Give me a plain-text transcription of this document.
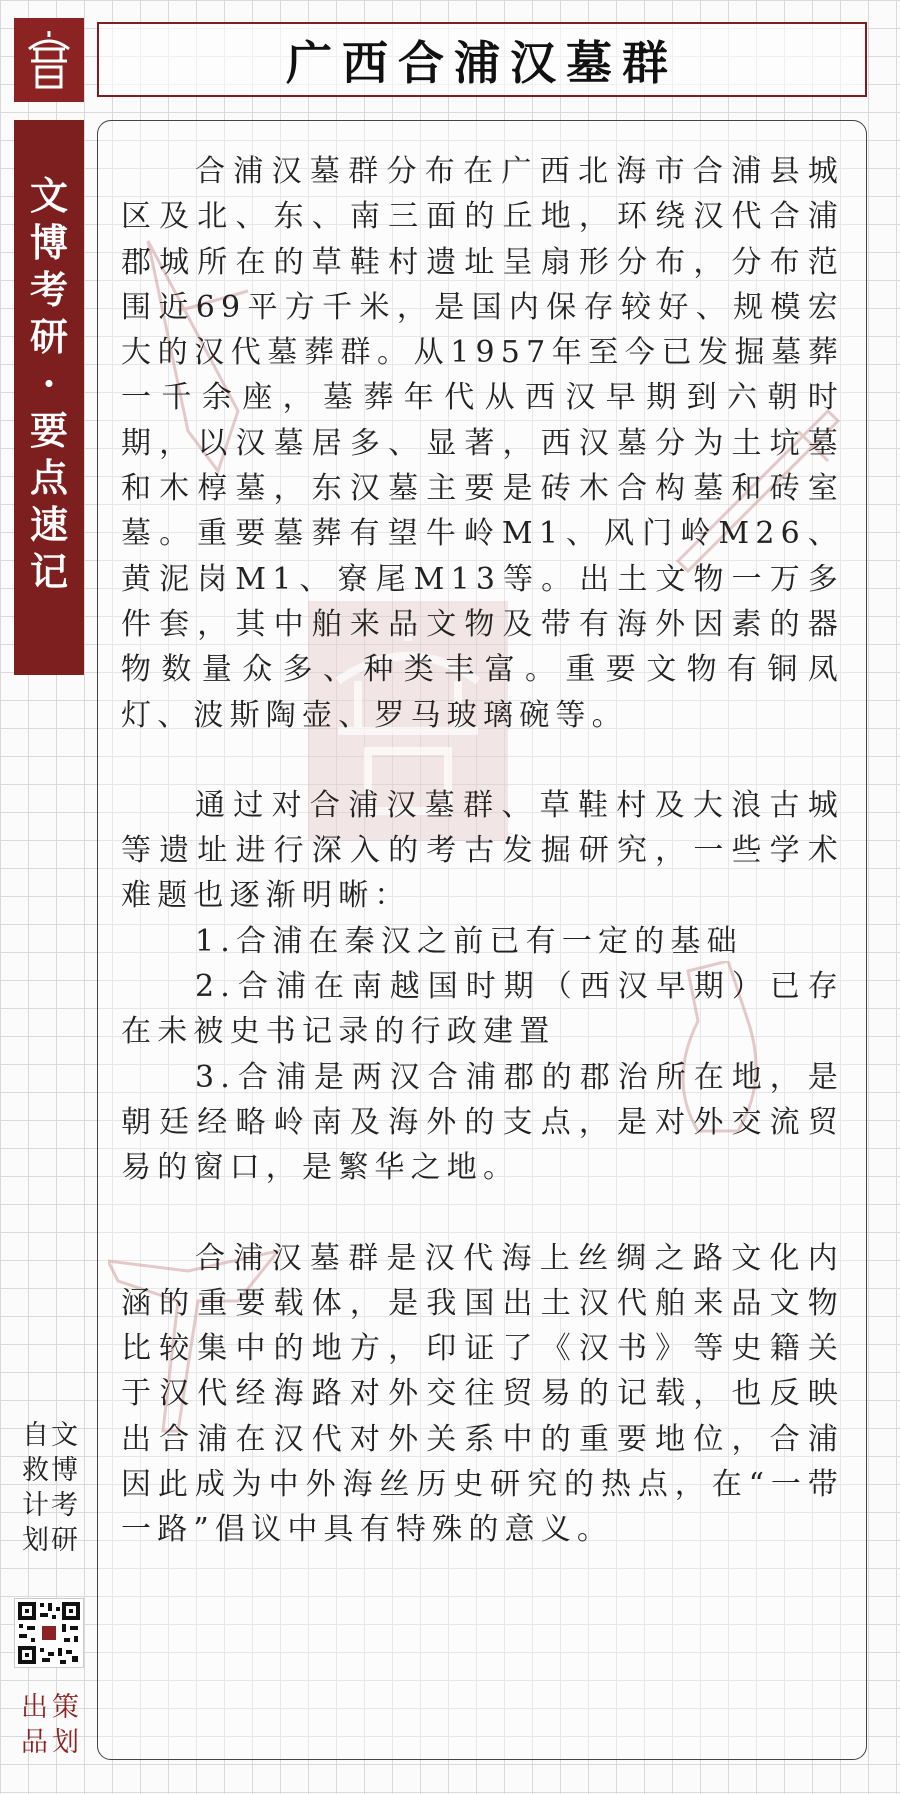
文
博
考
研
·
要
点
速
记
广西合浦汉墓群

合浦汉墓群分布在广西北海市合浦县城区及北、东、南三面的丘地，环绕汉代合浦郡城所在的草鞋村遗址呈扇形分布，分布范围近69平方千米，是国内保存较好、规模宏大的汉代墓葬群。从1957年至今已发掘墓葬一千余座，墓葬年代从西汉早期到六朝时期，以汉墓居多、显著，西汉墓分为土坑墓和木椁墓，东汉墓主要是砖木合构墓和砖室墓。重要墓葬有望牛岭M1、风门岭M26、黄泥岗M1、寮尾M13等。出土文物一万多件套，其中舶来品文物及带有海外因素的器物数量众多、种类丰富。重要文物有铜凤灯、波斯陶壶、罗马玻璃碗等。

通过对合浦汉墓群、草鞋村及大浪古城等遗址进行深入的考古发掘研究，一些学术难题也逐渐明晰：

1.合浦在秦汉之前已有一定的基础

2.合浦在南越国时期（西汉早期）已存在未被史书记录的行政建置

3.合浦是两汉合浦郡的郡治所在地，是朝廷经略岭南及海外的支点，是对外交流贸易的窗口，是繁华之地。

合浦汉墓群是汉代海上丝绸之路文化内涵的重要载体，是我国出土汉代舶来品文物比较集中的地方，印证了《汉书》等史籍关于汉代经海路对外交往贸易的记载，也反映出合浦在汉代对外关系中的重要地位，合浦因此成为中外海丝历史研究的热点，在“一带一路”倡议中具有特殊的意义。

文
博
考
研
自
救
计
划
策
划
出
品
